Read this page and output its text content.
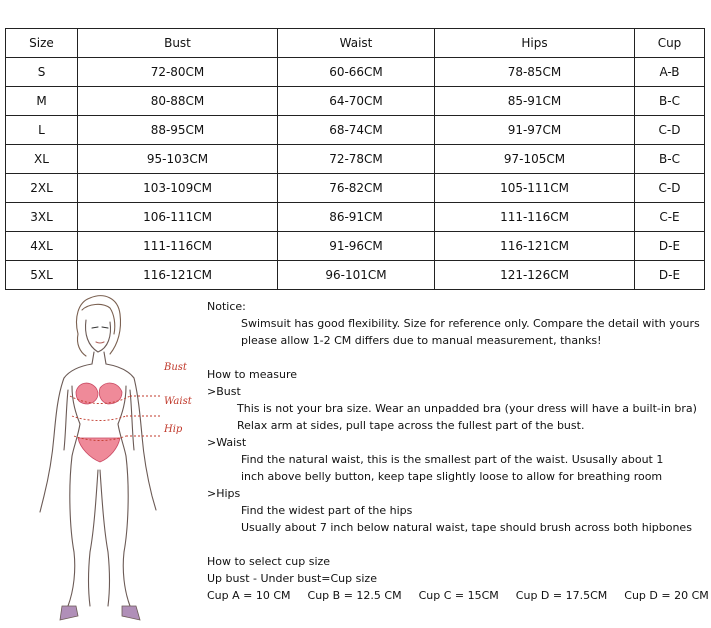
Size	Bust	Waist	Hips	Cup
S	72-80CM	60-66CM	78-85CM	A-B
M	80-88CM	64-70CM	85-91CM	B-C
L	88-95CM	68-74CM	91-97CM	C-D
XL	95-103CM	72-78CM	97-105CM	B-C
2XL	103-109CM	76-82CM	105-111CM	C-D
3XL	106-111CM	86-91CM	111-116CM	C-E
4XL	111-116CM	91-96CM	116-121CM	D-E
5XL	116-121CM	96-101CM	121-126CM	D-E
Bust
Waist
Hip
Notice:
Swimsuit has good flexibility. Size for reference only. Compare the detail with yours
please allow 1-2 CM differs due to manual measurement, thanks!
How to measure
>Bust
This is not your bra size. Wear an unpadded bra (your dress will have a built-in bra)
Relax arm at sides, pull tape across the fullest part of the bust.
>Waist
Find the natural waist, this is the smallest part of the waist. Ususally about 1
inch above belly button, keep tape slightly loose to allow for breathing room
>Hips
Find the widest part of the hips
Usually about 7 inch below natural waist, tape should brush across both hipbones
How to select cup size
Up bust - Under bust=Cup size
Cup A = 10 CM Cup B = 12.5 CM Cup C = 15CM Cup D = 17.5CM Cup D = 20 CM
